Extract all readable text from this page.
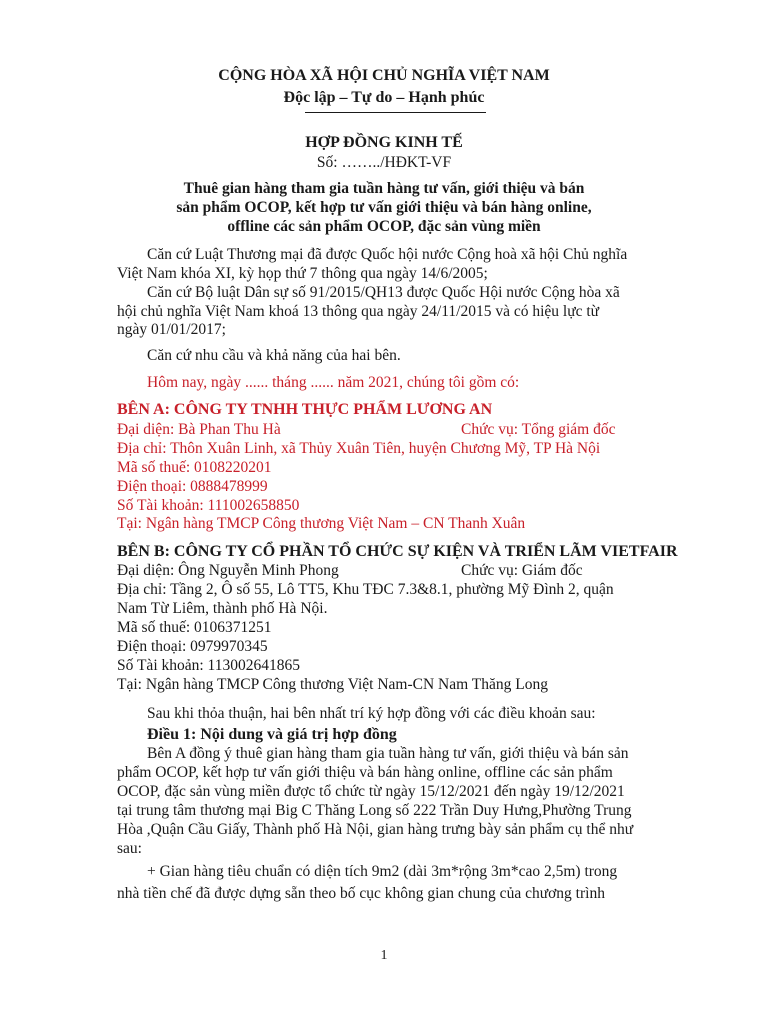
CỘNG HÒA XÃ HỘI CHỦ NGHĨA VIỆT NAM
Độc lập – Tự do – Hạnh phúc
HỢP ĐỒNG KINH TẾ
Số: ……../HĐKT-VF
Thuê gian hàng tham gia tuần hàng tư vấn, giới thiệu và bán
sản phẩm OCOP, kết hợp tư vấn giới thiệu và bán hàng online,
offline các sản phẩm OCOP, đặc sản vùng miền
Căn cứ Luật Thương mại đã được Quốc hội nước Cộng hoà xã hội Chủ nghĩa
Việt Nam khóa XI, kỳ họp thứ 7 thông qua ngày 14/6/2005;
Căn cứ Bộ luật Dân sự số 91/2015/QH13 được Quốc Hội nước Cộng hòa xã
hội chủ nghĩa Việt Nam khoá 13 thông qua ngày 24/11/2015 và có hiệu lực từ
ngày 01/01/2017;
Căn cứ nhu cầu và khả năng của hai bên.
Hôm nay, ngày ...... tháng ...... năm 2021, chúng tôi gồm có:
BÊN A: CÔNG TY TNHH THỰC PHẨM LƯƠNG AN
Đại diện: Bà Phan Thu Hà	Chức vụ: Tổng giám đốc
Địa chỉ: Thôn Xuân Linh, xã Thủy Xuân Tiên, huyện Chương Mỹ, TP Hà Nội
Mã số thuế: 0108220201
Điện thoại: 0888478999
Số Tài khoản: 111002658850
Tại: Ngân hàng TMCP Công thương Việt Nam – CN Thanh Xuân
BÊN B: CÔNG TY CỔ PHẦN TỔ CHỨC SỰ KIỆN VÀ TRIỂN LÃM VIETFAIR
Đại diện: Ông Nguyễn Minh Phong	Chức vụ: Giám đốc
Địa chỉ: Tầng 2, Ô số 55, Lô TT5, Khu TĐC 7.3&8.1, phường Mỹ Đình 2, quận
Nam Từ Liêm, thành phố Hà Nội.
Mã số thuế: 0106371251
Điện thoại: 0979970345
Số Tài khoản: 113002641865
Tại: Ngân hàng TMCP Công thương Việt Nam-CN Nam Thăng Long
Sau khi thỏa thuận, hai bên nhất trí ký hợp đồng với các điều khoản sau:
Điều 1: Nội dung và giá trị hợp đồng
Bên A đồng ý thuê gian hàng tham gia tuần hàng tư vấn, giới thiệu và bán sản
phẩm OCOP, kết hợp tư vấn giới thiệu và bán hàng online, offline các sản phẩm
OCOP, đặc sản vùng miền được tổ chức từ ngày 15/12/2021 đến ngày 19/12/2021
tại trung tâm thương mại Big C Thăng Long số 222 Trần Duy Hưng,Phường Trung
Hòa ,Quận Cầu Giấy, Thành phố Hà Nội, gian hàng trưng bày sản phẩm cụ thể như
sau:
+ Gian hàng tiêu chuẩn có diện tích 9m2 (dài 3m*rộng 3m*cao 2,5m) trong
nhà tiền chế đã được dựng sẵn theo bố cục không gian chung của chương trình
1
